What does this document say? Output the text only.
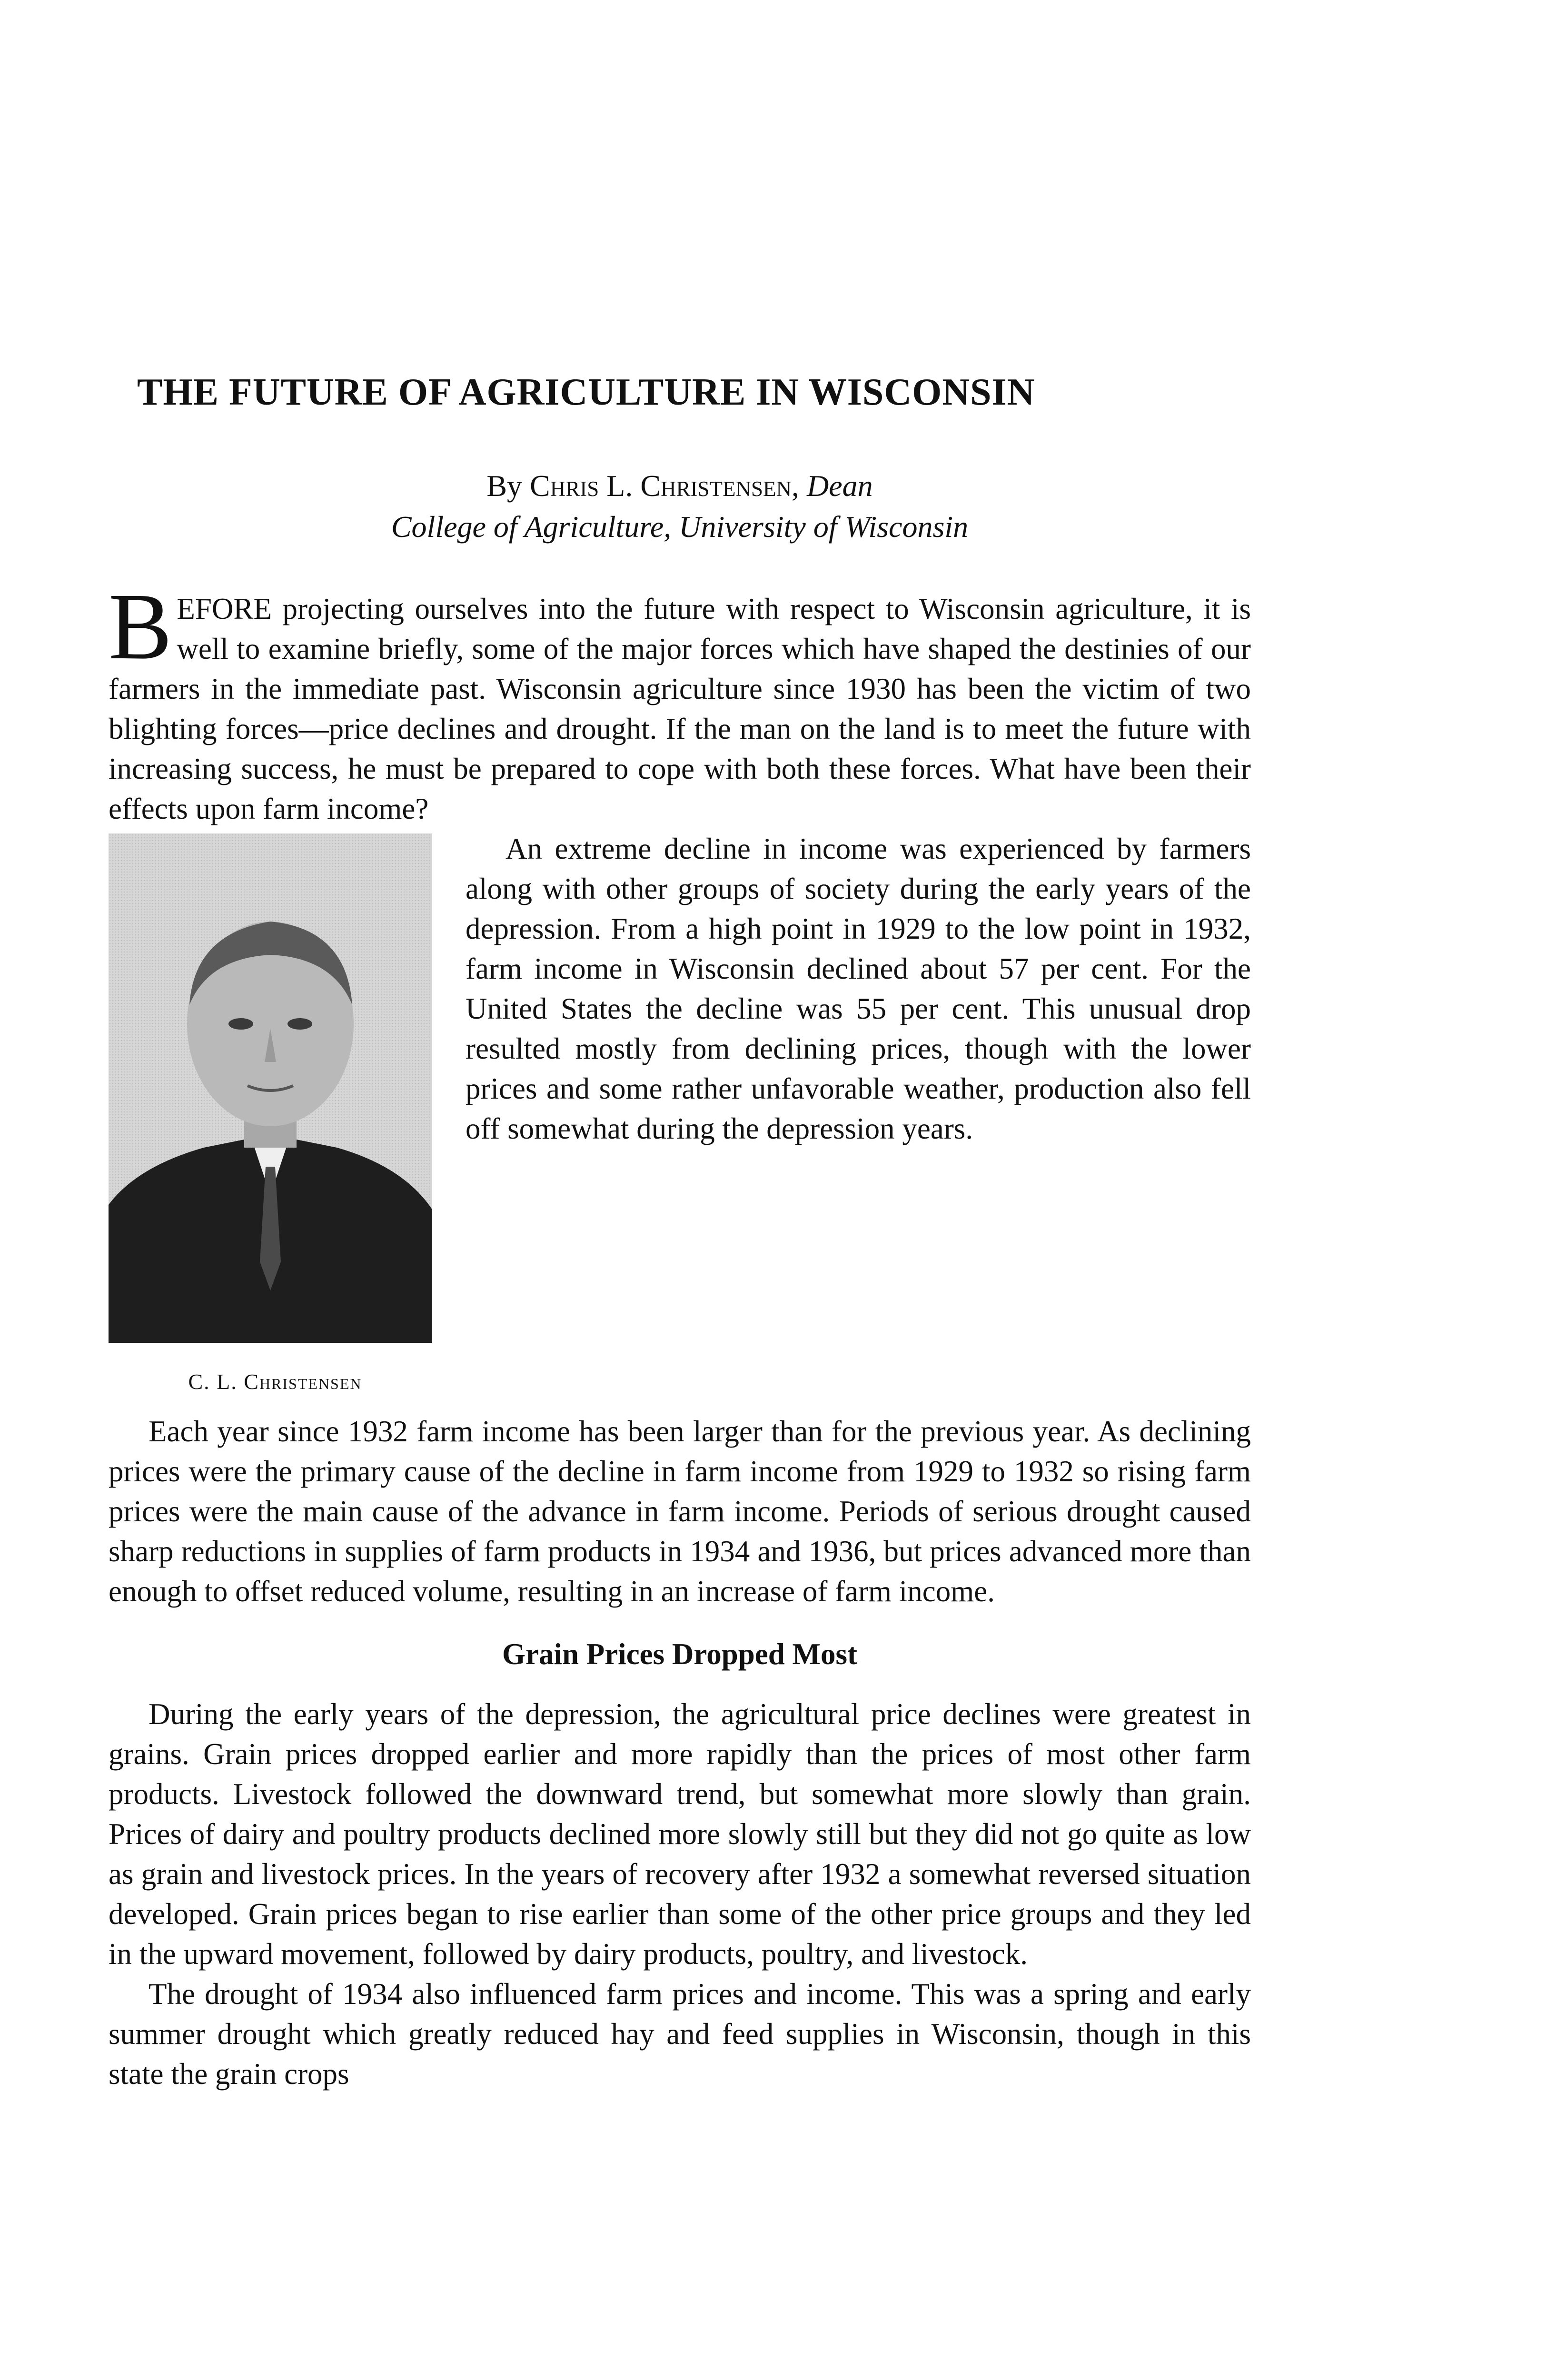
THE FUTURE OF AGRICULTURE IN WISCONSIN
By Chris L. Christensen, Dean
College of Agriculture, University of Wisconsin

BEFORE projecting ourselves into the future with respect to Wisconsin agriculture, it is well to examine briefly, some of the major forces which have shaped the destinies of our farmers in the immediate past. Wisconsin agriculture since 1930 has been the victim of two blighting forces—price declines and drought. If the man on the land is to meet the future with increasing success, he must be prepared to cope with both these forces. What have been their effects upon farm income?

C. L. Christensen

An extreme decline in income was experienced by farmers along with other groups of society during the early years of the depression. From a high point in 1929 to the low point in 1932, farm income in Wisconsin declined about 57 per cent. For the United States the decline was 55 per cent. This unusual drop resulted mostly from declining prices, though with the lower prices and some rather unfavorable weather, production also fell off somewhat during the depression years.

Each year since 1932 farm income has been larger than for the previous year. As declining prices were the primary cause of the decline in farm income from 1929 to 1932 so rising farm prices were the main cause of the advance in farm income. Periods of serious drought caused sharp reductions in supplies of farm products in 1934 and 1936, but prices advanced more than enough to offset reduced volume, resulting in an increase of farm income.

Grain Prices Dropped Most

During the early years of the depression, the agricultural price declines were greatest in grains. Grain prices dropped earlier and more rapidly than the prices of most other farm products. Livestock followed the downward trend, but somewhat more slowly than grain. Prices of dairy and poultry products declined more slowly still but they did not go quite as low as grain and livestock prices. In the years of recovery after 1932 a somewhat reversed situation developed. Grain prices began to rise earlier than some of the other price groups and they led in the upward movement, followed by dairy products, poultry, and livestock.

The drought of 1934 also influenced farm prices and income. This was a spring and early summer drought which greatly reduced hay and feed supplies in Wisconsin, though in this state the grain crops
